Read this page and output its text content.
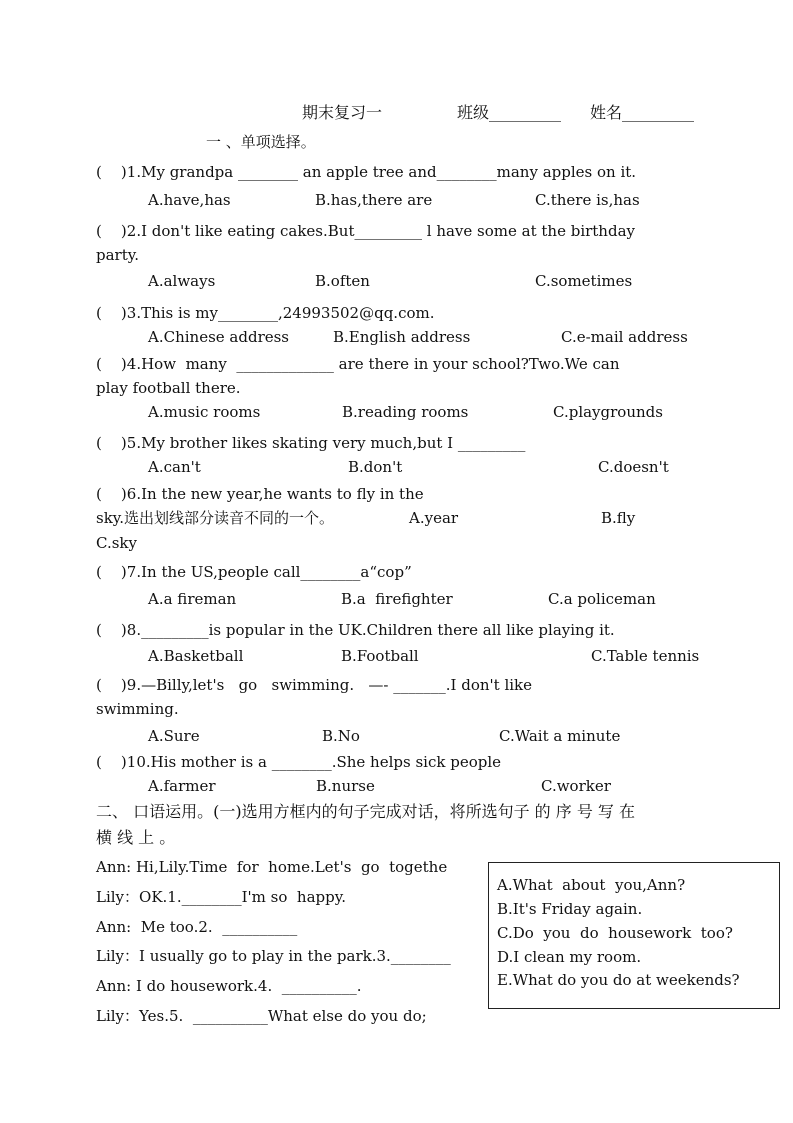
期末复习一	班级_________ 姓名_________
一 、单项选择。
(    )1.My grandpa ________ an apple tree and________many apples on it.
A.have,has	B.has,there are	C.there is,has
(    )2.I don't like eating cakes.But_________ l have some at the birthday
party.
A.always	B.often	C.sometimes
(    )3.This is my________,24993502@qq.com.
A.Chinese address	B.English address	C.e-mail address
(    )4.How  many  _____________ are there in your school?Two.We can
play football there.
A.music rooms	B.reading rooms	C.playgrounds
(    )5.My brother likes skating very much,but I _________
A.can't	B.don't	C.doesn't
(    )6.In the new year,he wants to fly in the
sky.选出划线部分读音不同的一个。	A.year	B.fly
C.sky
(    )7.In the US,people call________a“cop”
A.a fireman	B.a  firefighter	C.a policeman
(    )8._________is popular in the UK.Children there all like playing it.
A.Basketball	B.Football	C.Table tennis
(    )9.—Billy,let's   go   swimming.   —- _______.I don't like
swimming.
A.Sure	B.No	C.Wait a minute
(    )10.His mother is a ________.She helps sick people
A.farmer	B.nurse	C.worker
二、 口语运用。(一)选用方框内的句子完成对话，将所选句子 的 序 号 写 在
横 线 上 。
Ann: Hi,Lily.Time  for  home.Let's  go  togethe
Lily：OK.1.________I'm so  happy.
Ann:  Me too.2.  __________
Lily：I usually go to play in the park.3.________
Ann: I do housework.4.  __________.
Lily：Yes.5.  __________What else do you do;
A.What  about  you,Ann?
B.It's Friday again.
C.Do  you  do  housework  too?
D.I clean my room.
E.What do you do at weekends?
